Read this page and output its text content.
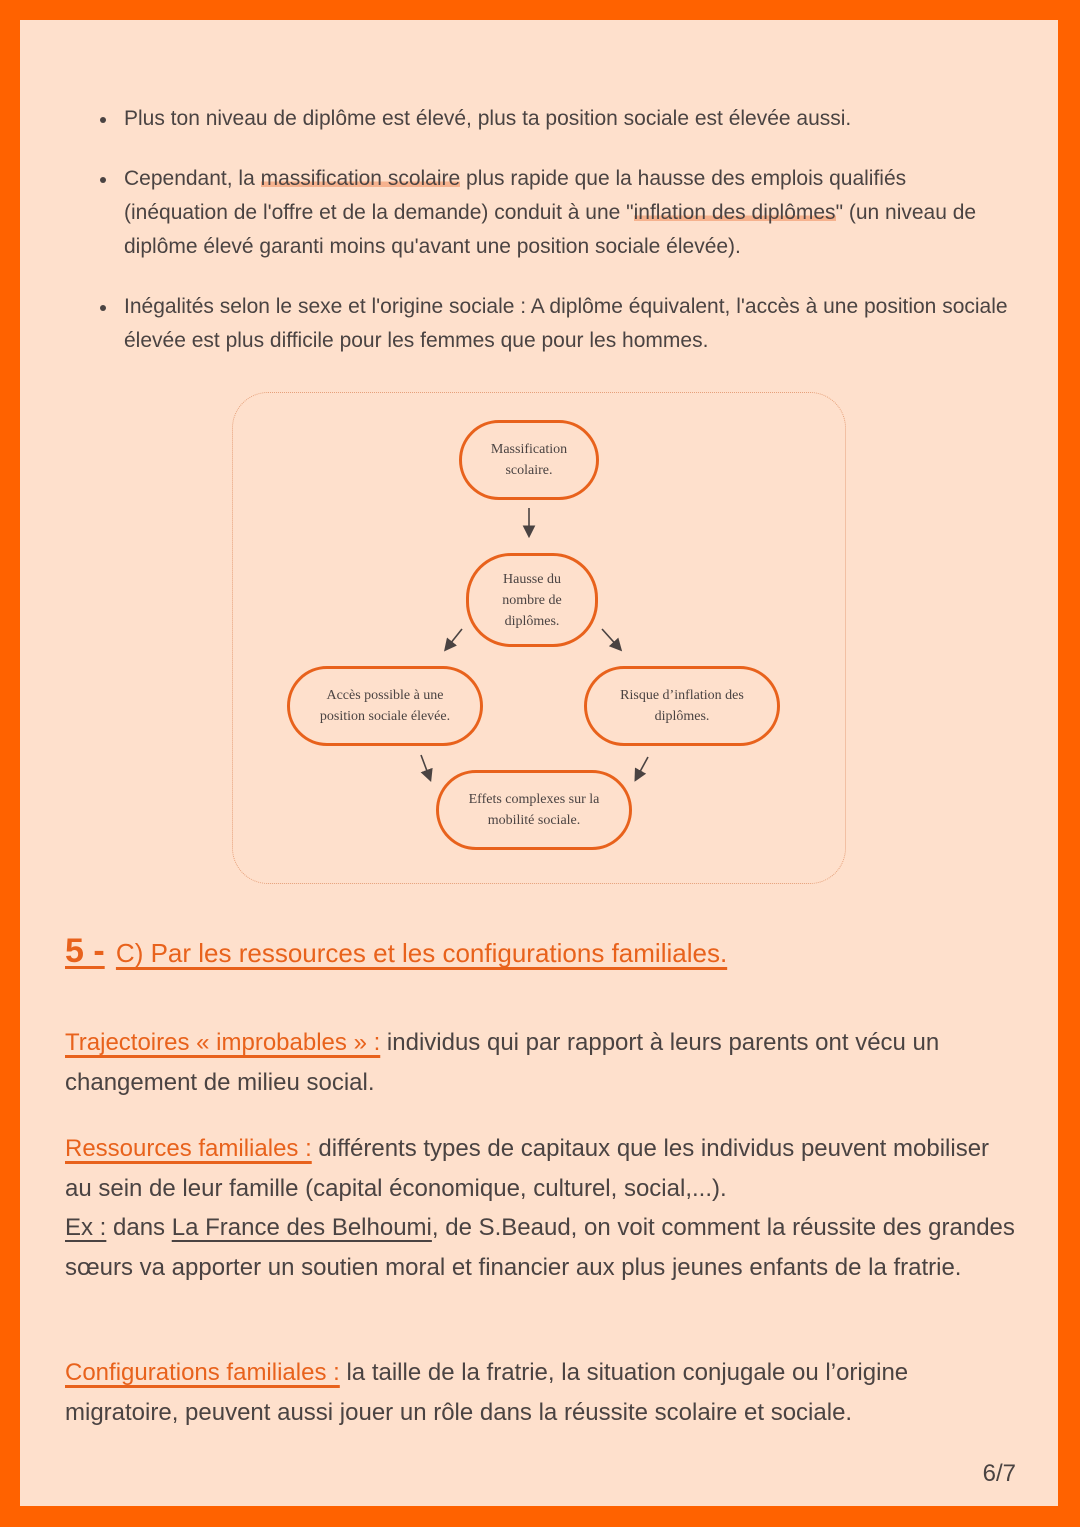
Plus ton niveau de diplôme est élevé, plus ta position sociale est élevée aussi.
Cependant, la massification scolaire plus rapide que la hausse des emplois qualifiés (inéquation de l'offre et de la demande) conduit à une "inflation des diplômes" (un niveau de diplôme élevé garanti moins qu'avant une position sociale élevée).
Inégalités selon le sexe et l'origine sociale : A diplôme équivalent, l'accès à une position sociale élevée est plus difficile pour les femmes que pour les hommes.
Massification scolaire.
Hausse du nombre de diplômes.
Accès possible à une position sociale élevée.
Risque d’inflation des diplômes.
Effets complexes sur la mobilité sociale.
5 - C) Par les ressources et les configurations familiales.
Trajectoires « improbables » : individus qui par rapport à leurs parents ont vécu un changement de milieu social.
Ressources familiales : différents types de capitaux que les individus peuvent mobiliser au sein de leur famille (capital économique, culturel, social,...).
Ex : dans La France des Belhoumi, de S.Beaud, on voit comment la réussite des grandes sœurs va apporter un soutien moral et financier aux plus jeunes enfants de la fratrie.
Configurations familiales : la taille de la fratrie, la situation conjugale ou l’origine migratoire, peuvent aussi jouer un rôle dans la réussite scolaire et sociale.
6/7
